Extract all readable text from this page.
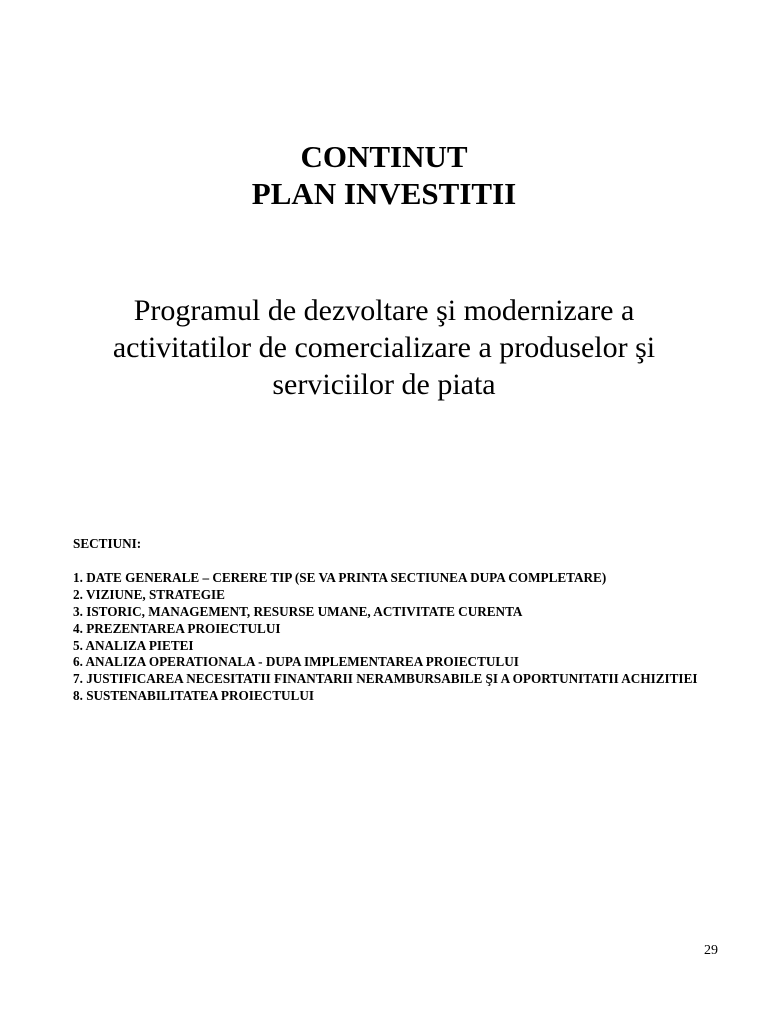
CONTINUT
PLAN INVESTITII
Programul de dezvoltare şi modernizare a
activitatilor de comercializare a produselor şi
serviciilor de piata
SECTIUNI:
1. DATE GENERALE – CERERE TIP (SE VA PRINTA SECTIUNEA DUPA COMPLETARE)
2. VIZIUNE, STRATEGIE
3. ISTORIC, MANAGEMENT, RESURSE UMANE, ACTIVITATE CURENTA
4. PREZENTAREA PROIECTULUI
5. ANALIZA PIETEI
6. ANALIZA OPERATIONALA - DUPA IMPLEMENTAREA PROIECTULUI
7. JUSTIFICAREA NECESITATII FINANTARII NERAMBURSABILE ŞI A OPORTUNITATII ACHIZITIEI
8. SUSTENABILITATEA PROIECTULUI
29
